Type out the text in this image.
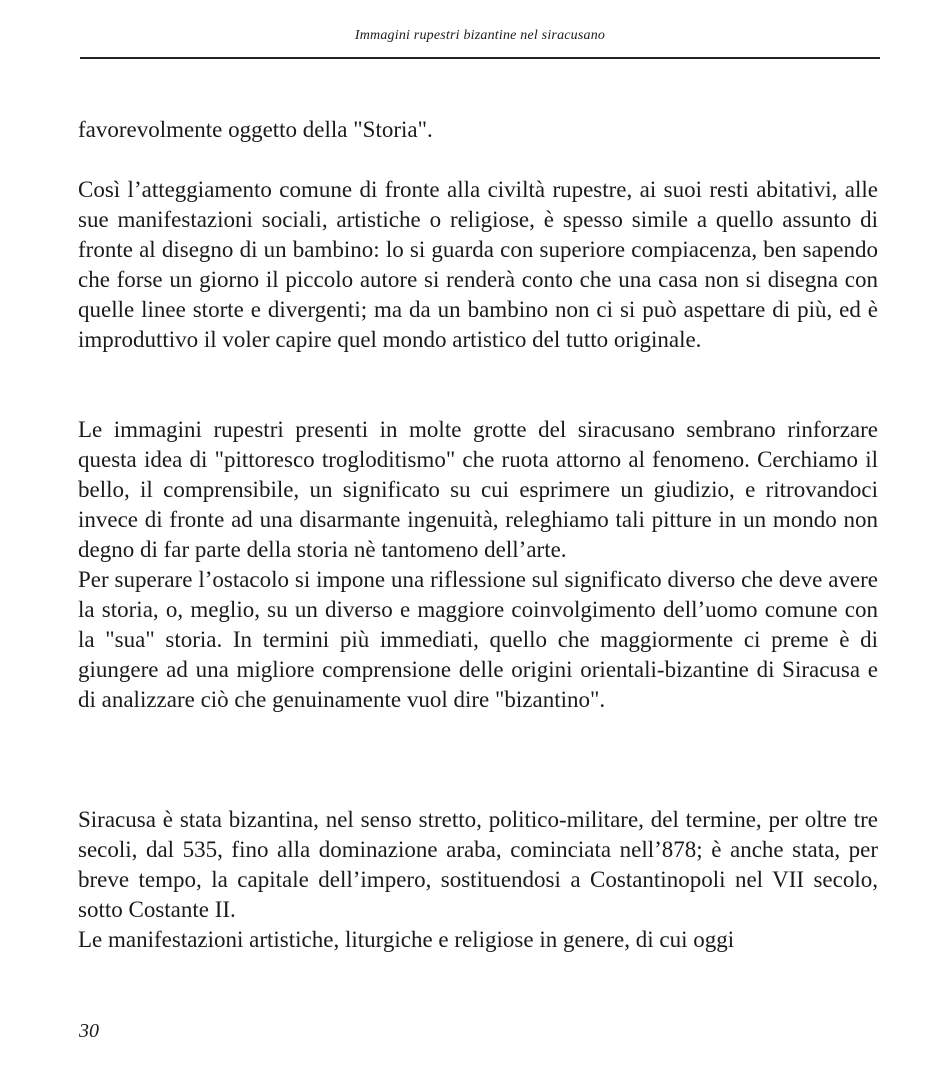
Immagini rupestri bizantine nel siracusano

favorevolmente oggetto della "Storia".

Così l’atteggiamento comune di fronte alla civiltà rupestre, ai suoi resti abitativi, alle sue manifestazioni sociali, artistiche o religiose, è spesso simile a quello assunto di fronte al disegno di un bambino: lo si guarda con superiore compiacenza, ben sapendo che forse un giorno il piccolo autore si renderà conto che una casa non si disegna con quelle linee storte e divergenti; ma da un bambino non ci si può aspettare di più, ed è improduttivo il voler capire quel mondo artistico del tutto originale.

Le immagini rupestri presenti in molte grotte del siracusano sembrano rinforzare questa idea di "pittoresco trogloditismo" che ruota attorno al fenomeno. Cerchiamo il bello, il comprensibile, un significato su cui esprimere un giudizio, e ritrovandoci invece di fronte ad una disarmante ingenuità, releghiamo tali pitture in un mondo non degno di far parte della storia nè tantomeno dell’arte.

Per superare l’ostacolo si impone una riflessione sul significato diverso che deve avere la storia, o, meglio, su un diverso e maggiore coinvolgimento dell’uomo comune con la "sua" storia. In termini più immediati, quello che maggiormente ci preme è di giungere ad una migliore comprensione delle origini orientali-bizantine di Siracusa e di analizzare ciò che genuinamente vuol dire "bizantino".

Siracusa è stata bizantina, nel senso stretto, politico-militare, del termine, per oltre tre secoli, dal 535, fino alla dominazione araba, cominciata nell’878; è anche stata, per breve tempo, la capitale dell’impero, sostituendosi a Costantinopoli nel VII secolo, sotto Costante II.

Le manifestazioni artistiche, liturgiche e religiose in genere, di cui oggi

30
